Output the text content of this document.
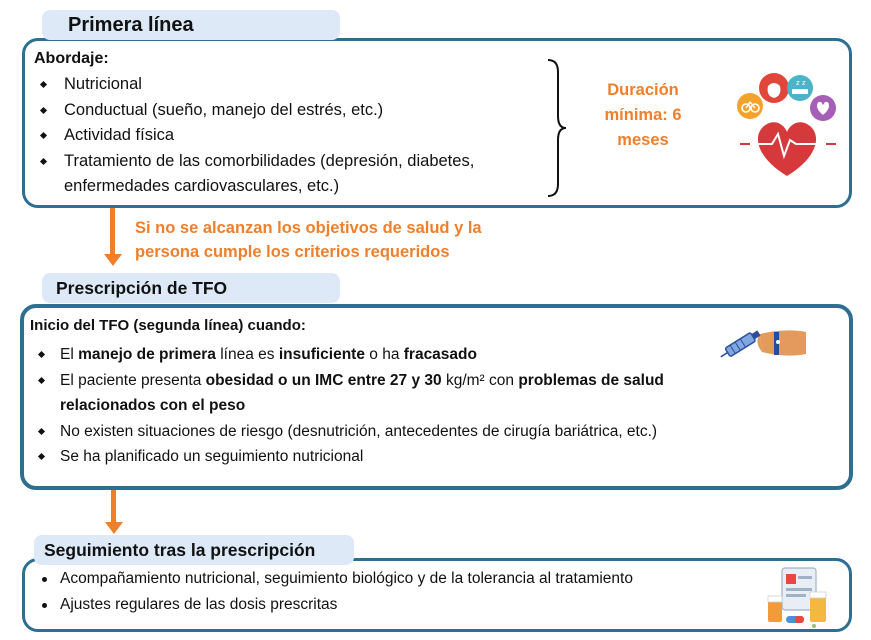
Primera línea
Abordaje:
Nutricional
Conductual (sueño, manejo del estrés, etc.)
Actividad física
Tratamiento de las comorbilidades (depresión, diabetes,
enfermedades cardiovasculares, etc.)
Duración
mínima: 6
meses
z z
Si no se alcanzan los objetivos de salud y la
persona cumple los criterios requeridos
Prescripción de TFO
Inicio del TFO (segunda línea) cuando:
El manejo de primera línea es insuficiente o ha fracasado
El paciente presenta obesidad o un IMC entre 27 y 30 kg/m² con problemas de salud
relacionados con el peso
No existen situaciones de riesgo (desnutrición, antecedentes de cirugía bariátrica, etc.)
Se ha planificado un seguimiento nutricional
Seguimiento tras la prescripción
Acompañamiento nutricional, seguimiento biológico y de la tolerancia al tratamiento
Ajustes regulares de las dosis prescritas
